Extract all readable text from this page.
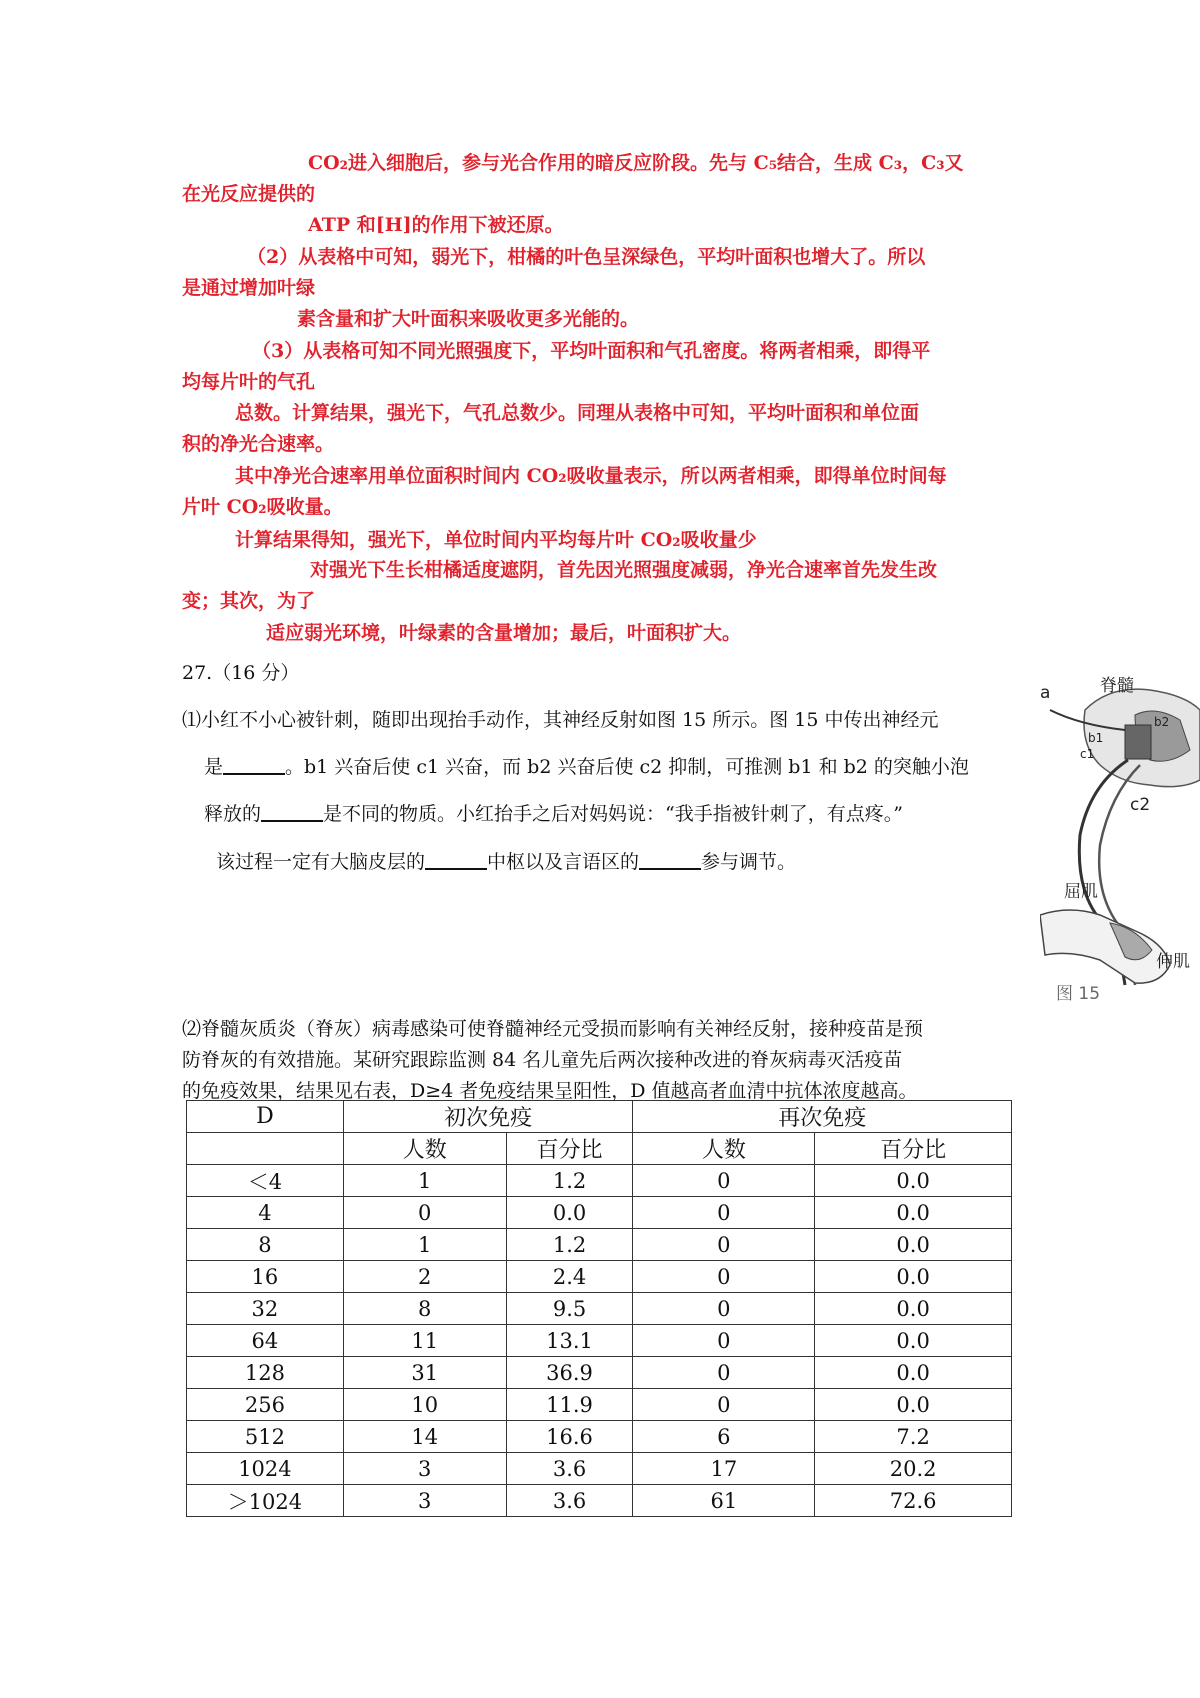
CO₂进入细胞后，参与光合作用的暗反应阶段。先与 C₅结合，生成 C₃，C₃又
在光反应提供的
ATP 和[H]的作用下被还原。
（2）从表格中可知，弱光下，柑橘的叶色呈深绿色，平均叶面积也增大了。所以
是通过增加叶绿
素含量和扩大叶面积来吸收更多光能的。
（3）从表格可知不同光照强度下，平均叶面积和气孔密度。将两者相乘，即得平
均每片叶的气孔
总数。计算结果，强光下，气孔总数少。同理从表格中可知，平均叶面积和单位面
积的净光合速率。
其中净光合速率用单位面积时间内 CO₂吸收量表示，所以两者相乘，即得单位时间每
片叶 CO₂吸收量。
计算结果得知，强光下，单位时间内平均每片叶 CO₂吸收量少
对强光下生长柑橘适度遮阴，首先因光照强度减弱，净光合速率首先发生改
变；其次，为了
适应弱光环境，叶绿素的含量增加；最后，叶面积扩大。
27.（16 分）
⑴小红不小心被针刺，随即出现抬手动作，其神经反射如图 15 所示。图 15 中传出神经元
是	。b1 兴奋后使 c1 兴奋，而 b2 兴奋后使 c2 抑制，可推测 b1 和 b2 的突触小泡
释放的	是不同的物质。小红抬手之后对妈妈说：“我手指被针刺了，有点疼。”
该过程一定有大脑皮层的	中枢以及言语区的	参与调节。
⑵脊髓灰质炎（脊灰）病毒感染可使脊髓神经元受损而影响有关神经反射，接种疫苗是预
防脊灰的有效措施。某研究跟踪监测 84 名儿童先后两次接种改进的脊灰病毒灭活疫苗
的免疫效果，结果见右表，D≥4 者免疫结果呈阳性，D 值越高者血清中抗体浓度越高。
a	脊髓
b1
b2
c1
c2
屈肌
伸肌
图 15
D	初次免疫		再次免疫	
	人数	百分比	人数	百分比
＜4	1	1.2	0	0.0
4	0	0.0	0	0.0
8	1	1.2	0	0.0
16	2	2.4	0	0.0
32	8	9.5	0	0.0
64	11	13.1	0	0.0
128	31	36.9	0	0.0
256	10	11.9	0	0.0
512	14	16.6	6	7.2
1024	3	3.6	17	20.2
＞1024	3	3.6	61	72.6
